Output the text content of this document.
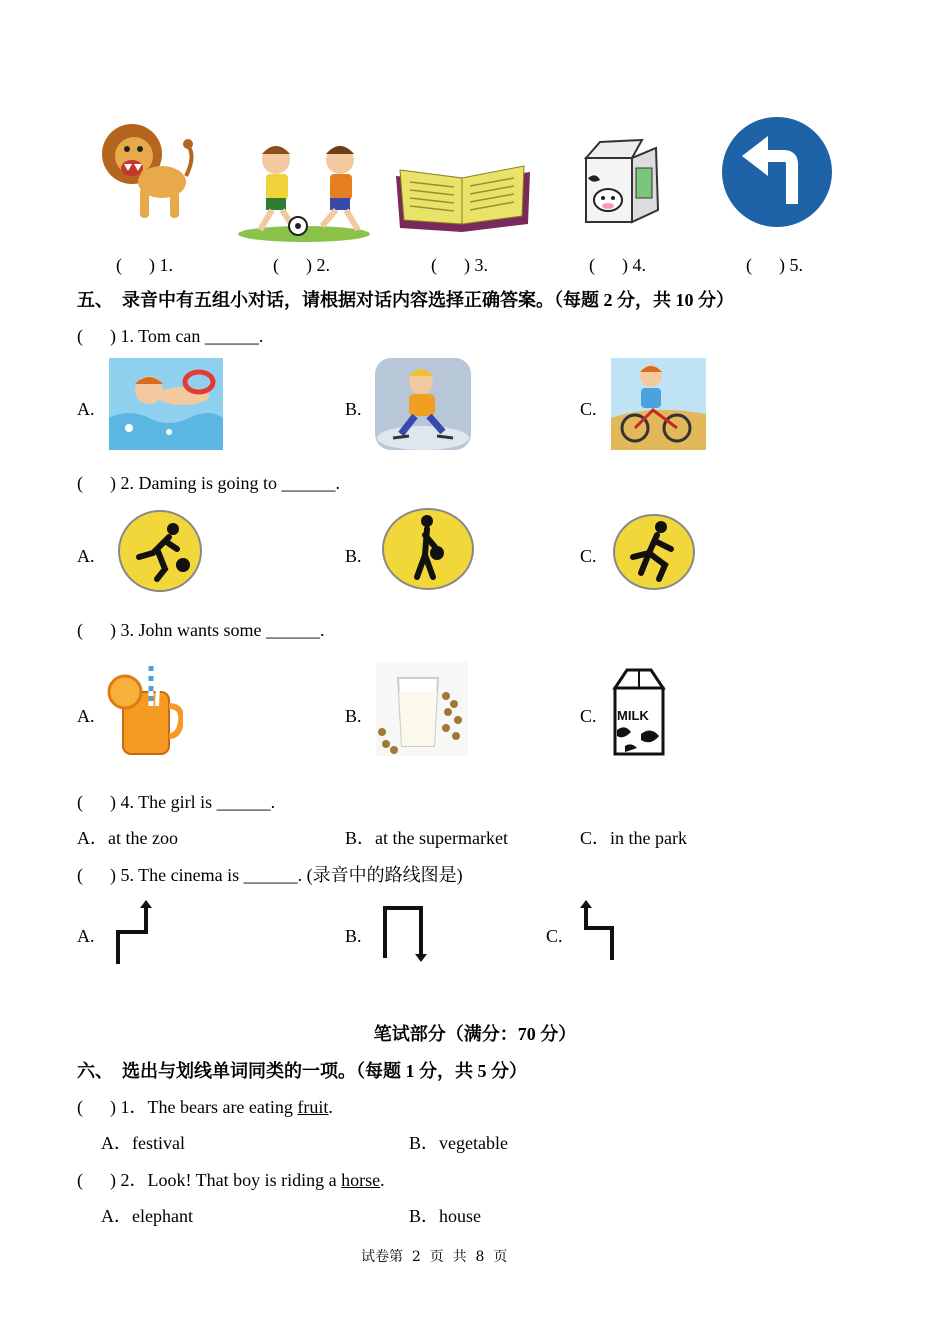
(      ) 1.	(      ) 2.	(      ) 3.	(      ) 4.	(      ) 5.
五、  录音中有五组小对话，请根据对话内容选择正确答案。（每题 2 分，共 10 分）
(      ) 1. Tom can ______.
A.	B.	C.
(      ) 2. Daming is going to ______.
A.	B.	C.
(      ) 3. John wants some ______.
A.	B.	C. MILK
(      ) 4. The girl is ______.
A．at the zoo	B．at the supermarket	C．in the park
(      ) 5. The cinema is ______. (录音中的路线图是)
A.	B.	C.
笔试部分（满分：70 分）
六、  选出与划线单词同类的一项。（每题 1 分，共 5 分）
(      ) 1．The bears are eating fruit.
A．festival	B．vegetable
(      ) 2．Look! That boy is riding a horse.
A．elephant	B．house
试卷第  2  页  共  8  页
